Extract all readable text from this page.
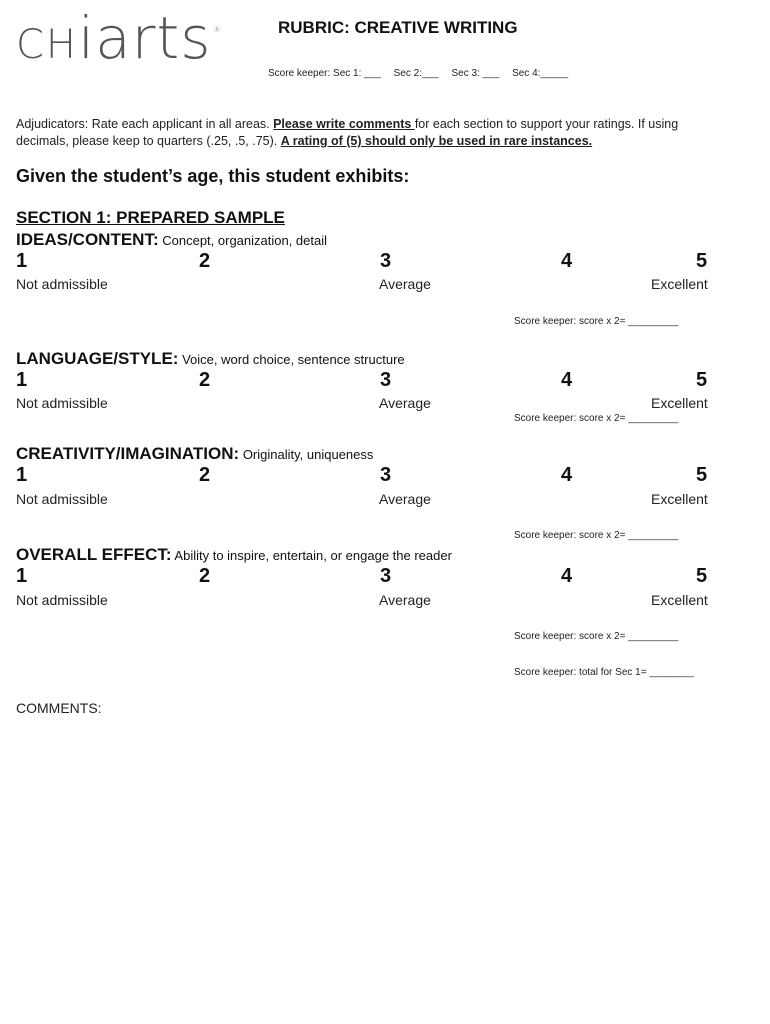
CHiarts ®	RUBRIC: CREATIVE WRITING
Score keeper: Sec 1: ___ Sec 2:___ Sec 3: ___ Sec 4:_____
Adjudicators: Rate each applicant in all areas. Please write comments for each section to support your ratings. If using decimals, please keep to quarters (.25, .5, .75). A rating of (5) should only be used in rare instances.
Given the student’s age, this student exhibits:
SECTION 1: PREPARED SAMPLE
IDEAS/CONTENT: Concept, organization, detail
1	2	3	4	5
Not admissible	Average	Excellent
Score keeper: score x 2= _________
LANGUAGE/STYLE: Voice, word choice, sentence structure
1	2	3	4	5
Not admissible	Average	Excellent
Score keeper: score x 2= _________
CREATIVITY/IMAGINATION: Originality, uniqueness
1	2	3	4	5
Not admissible	Average	Excellent
Score keeper: score x 2= _________
OVERALL EFFECT: Ability to inspire, entertain, or engage the reader
1	2	3	4	5
Not admissible	Average	Excellent
Score keeper: score x 2= _________
Score keeper: total for Sec 1= ________
COMMENTS:
